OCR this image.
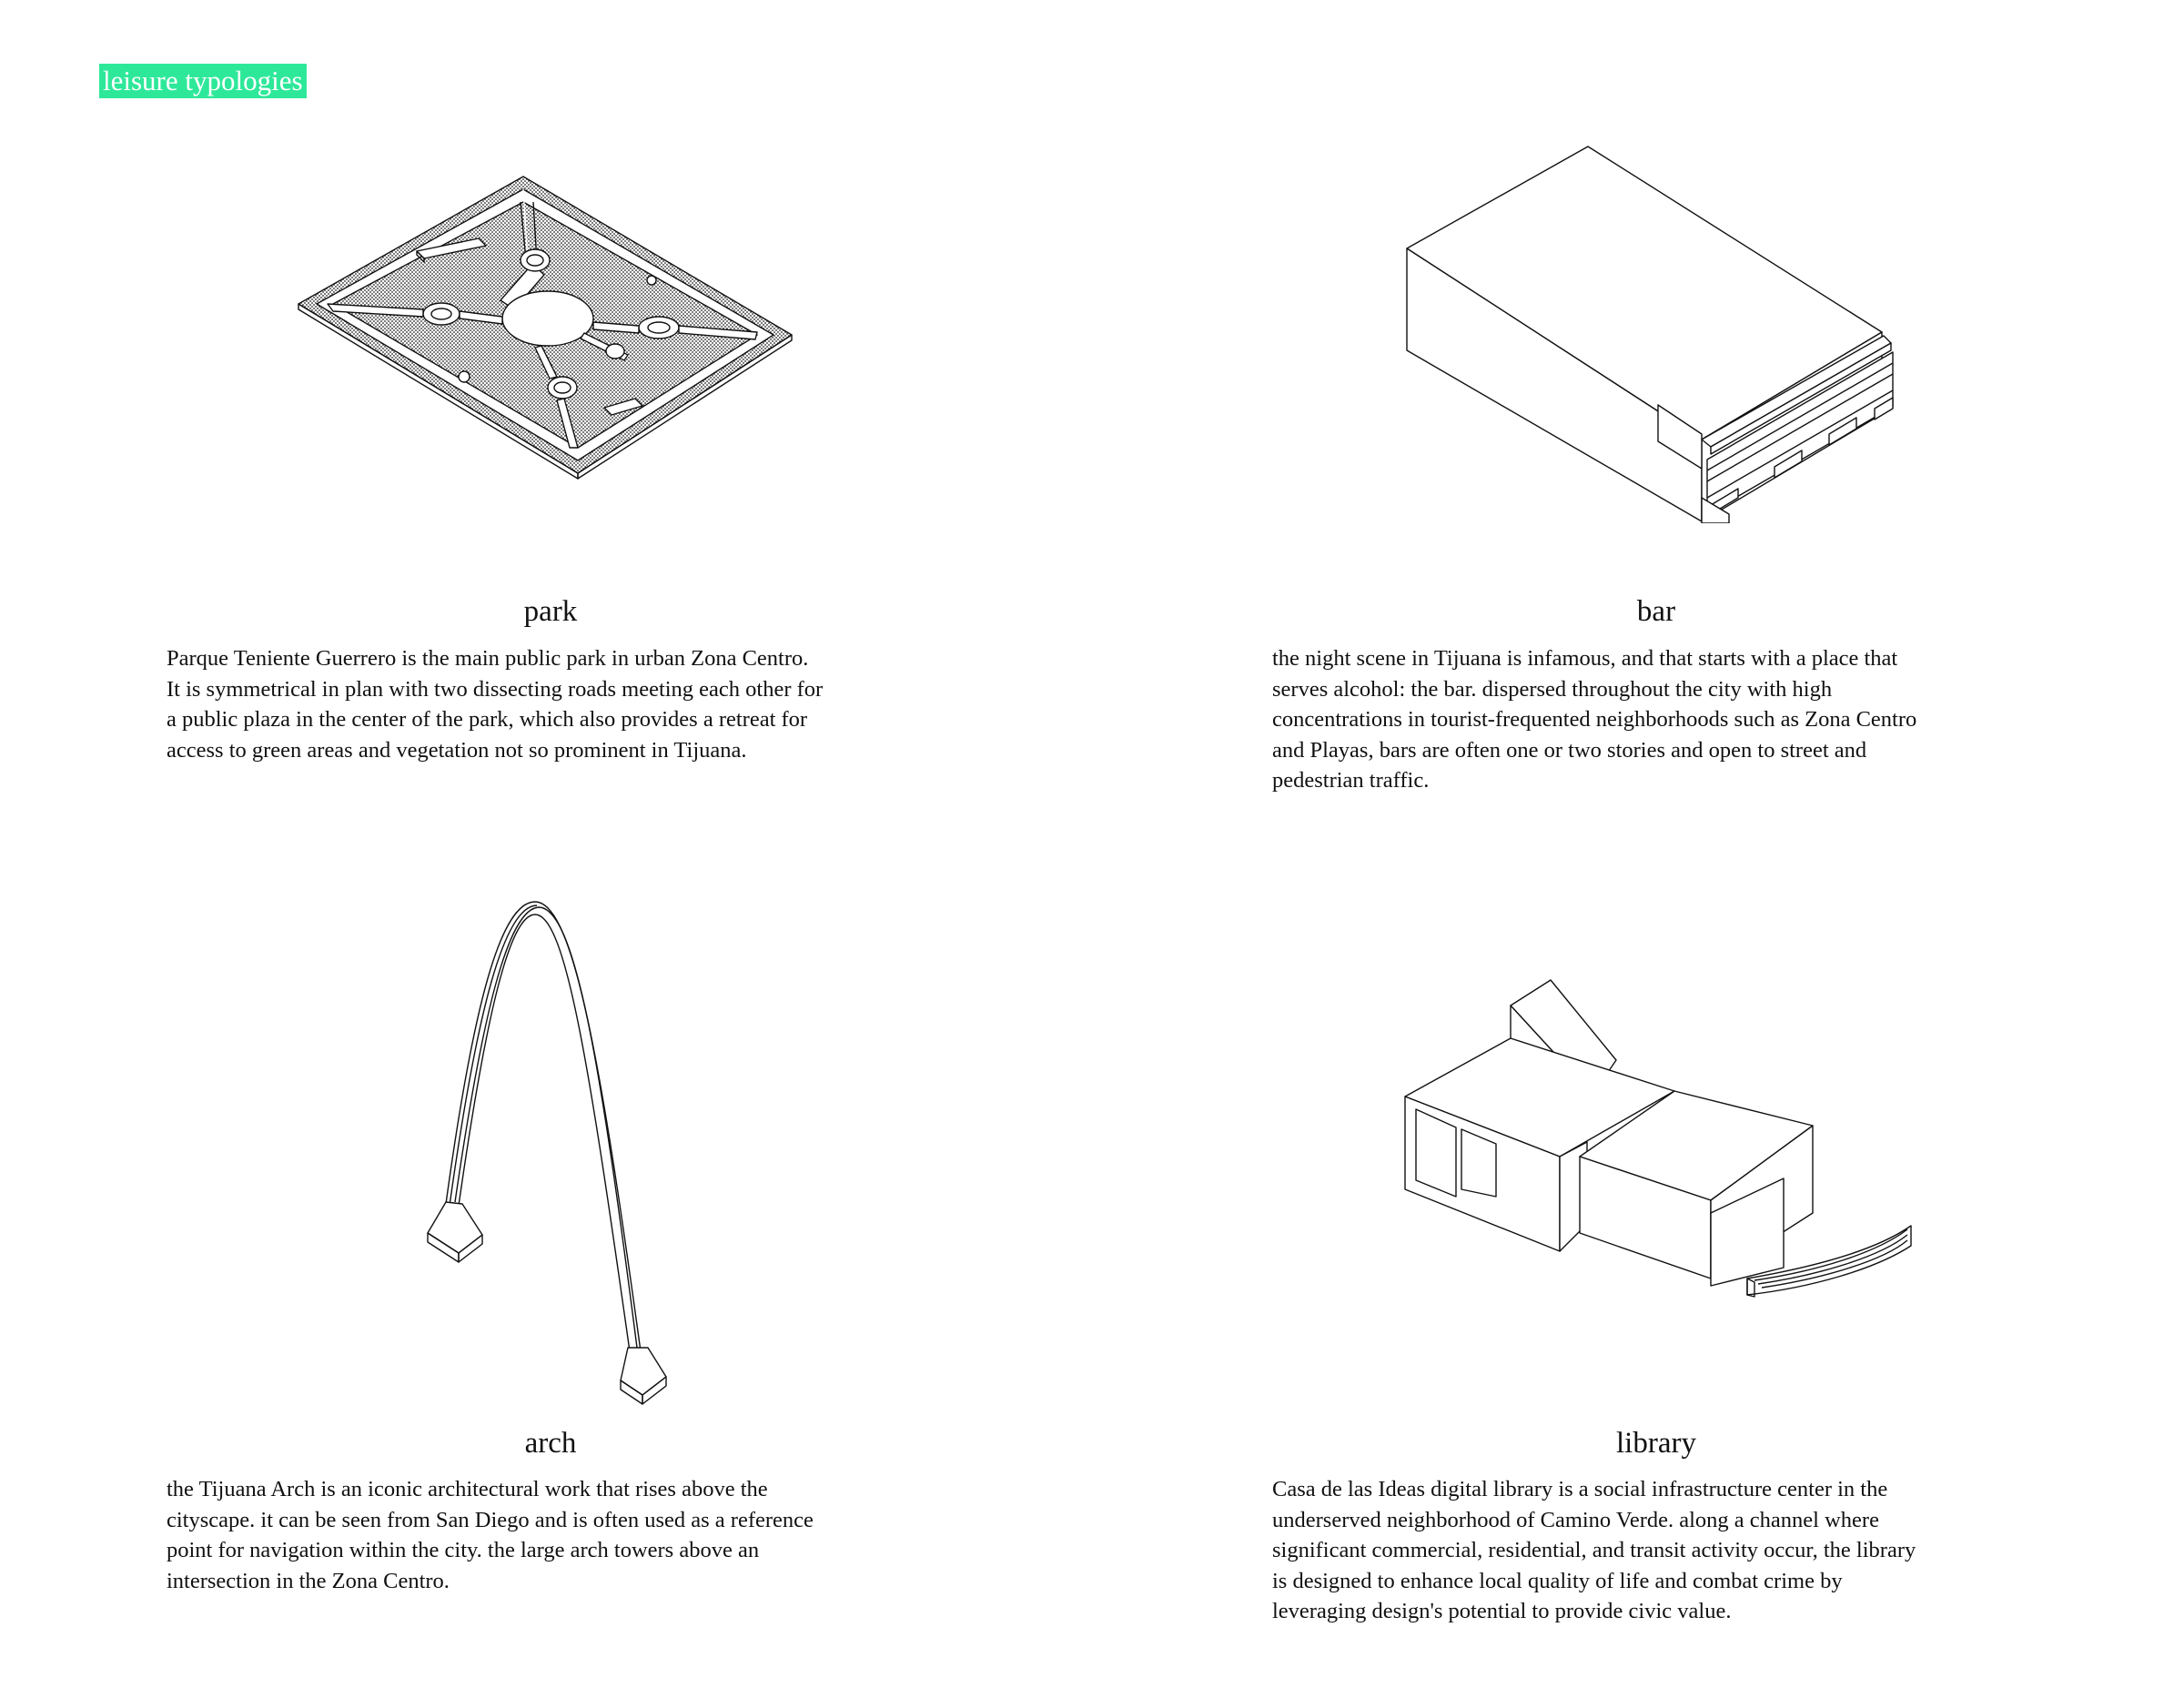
leisure typologies
park	bar
arch	library
Parque Teniente Guerrero is the main public park in urban Zona Centro.
It is symmetrical in plan with two dissecting roads meeting each other for
a public plaza in the center of the park, which also provides a retreat for
access to green areas and vegetation not so prominent in Tijuana.
the night scene in Tijuana is infamous, and that starts with a place that
serves alcohol: the bar. dispersed throughout the city with high
concentrations in tourist-frequented neighborhoods such as Zona Centro
and Playas, bars are often one or two stories and open to street and
pedestrian traffic.
the Tijuana Arch is an iconic architectural work that rises above the
cityscape. it can be seen from San Diego and is often used as a reference
point for navigation within the city. the large arch towers above an
intersection in the Zona Centro.
Casa de las Ideas digital library is a social infrastructure center in the
underserved neighborhood of Camino Verde. along a channel where
significant commercial, residential, and transit activity occur, the library
is designed to enhance local quality of life and combat crime by
leveraging design's potential to provide civic value.
